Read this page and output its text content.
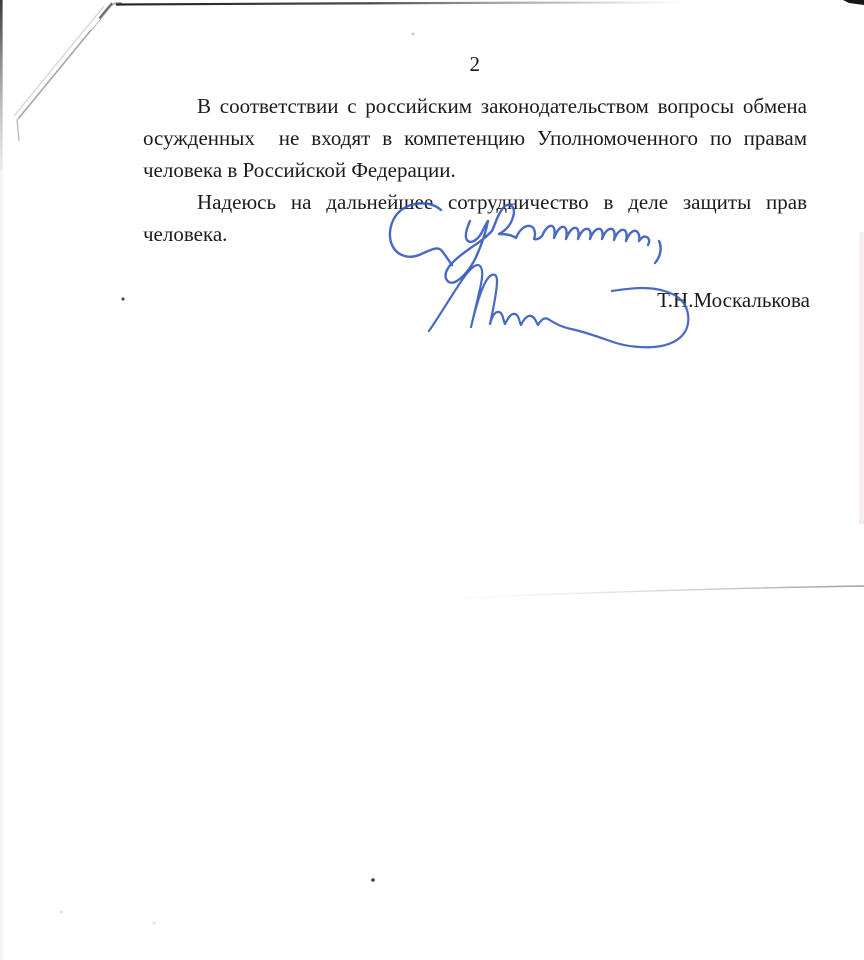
2
В соответствии с российским законодательством вопросы обмена
осужденных  не входят в компетенцию Уполномоченного по правам
человека в Российской Федерации.
Надеюсь на дальнейшее сотрудничество в деле защиты прав человека.
Т.Н.Москалькова
